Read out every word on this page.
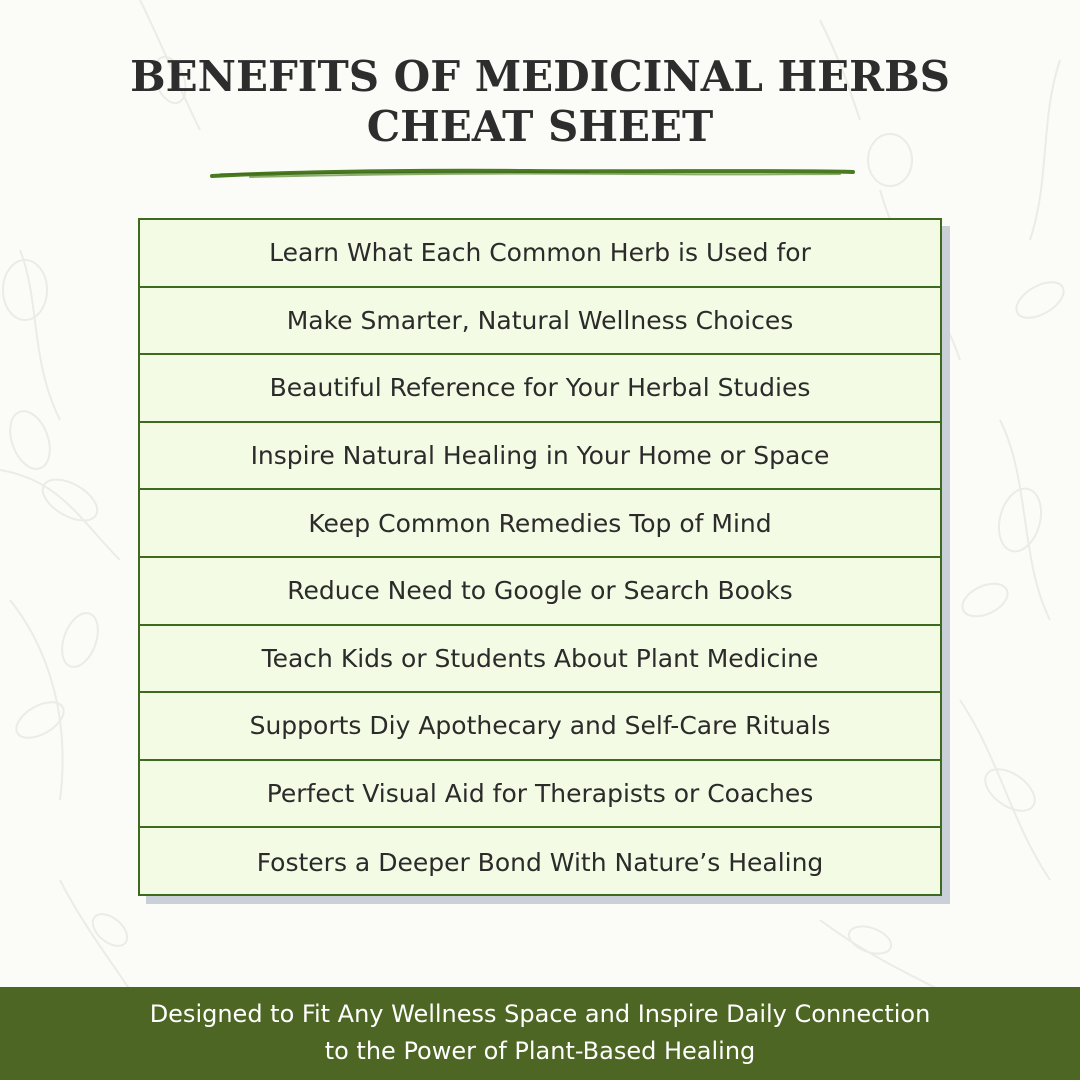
BENEFITS OF MEDICINAL HERBS
CHEAT SHEET
Learn What Each Common Herb is Used for
Make Smarter, Natural Wellness Choices
Beautiful Reference for Your Herbal Studies
Inspire Natural Healing in Your Home or Space
Keep Common Remedies Top of Mind
Reduce Need to Google or Search Books
Teach Kids or Students About Plant Medicine
Supports Diy Apothecary and Self-Care Rituals
Perfect Visual Aid for Therapists or Coaches
Fosters a Deeper Bond With Nature’s Healing
Designed to Fit Any Wellness Space and Inspire Daily Connection
to the Power of Plant-Based Healing
